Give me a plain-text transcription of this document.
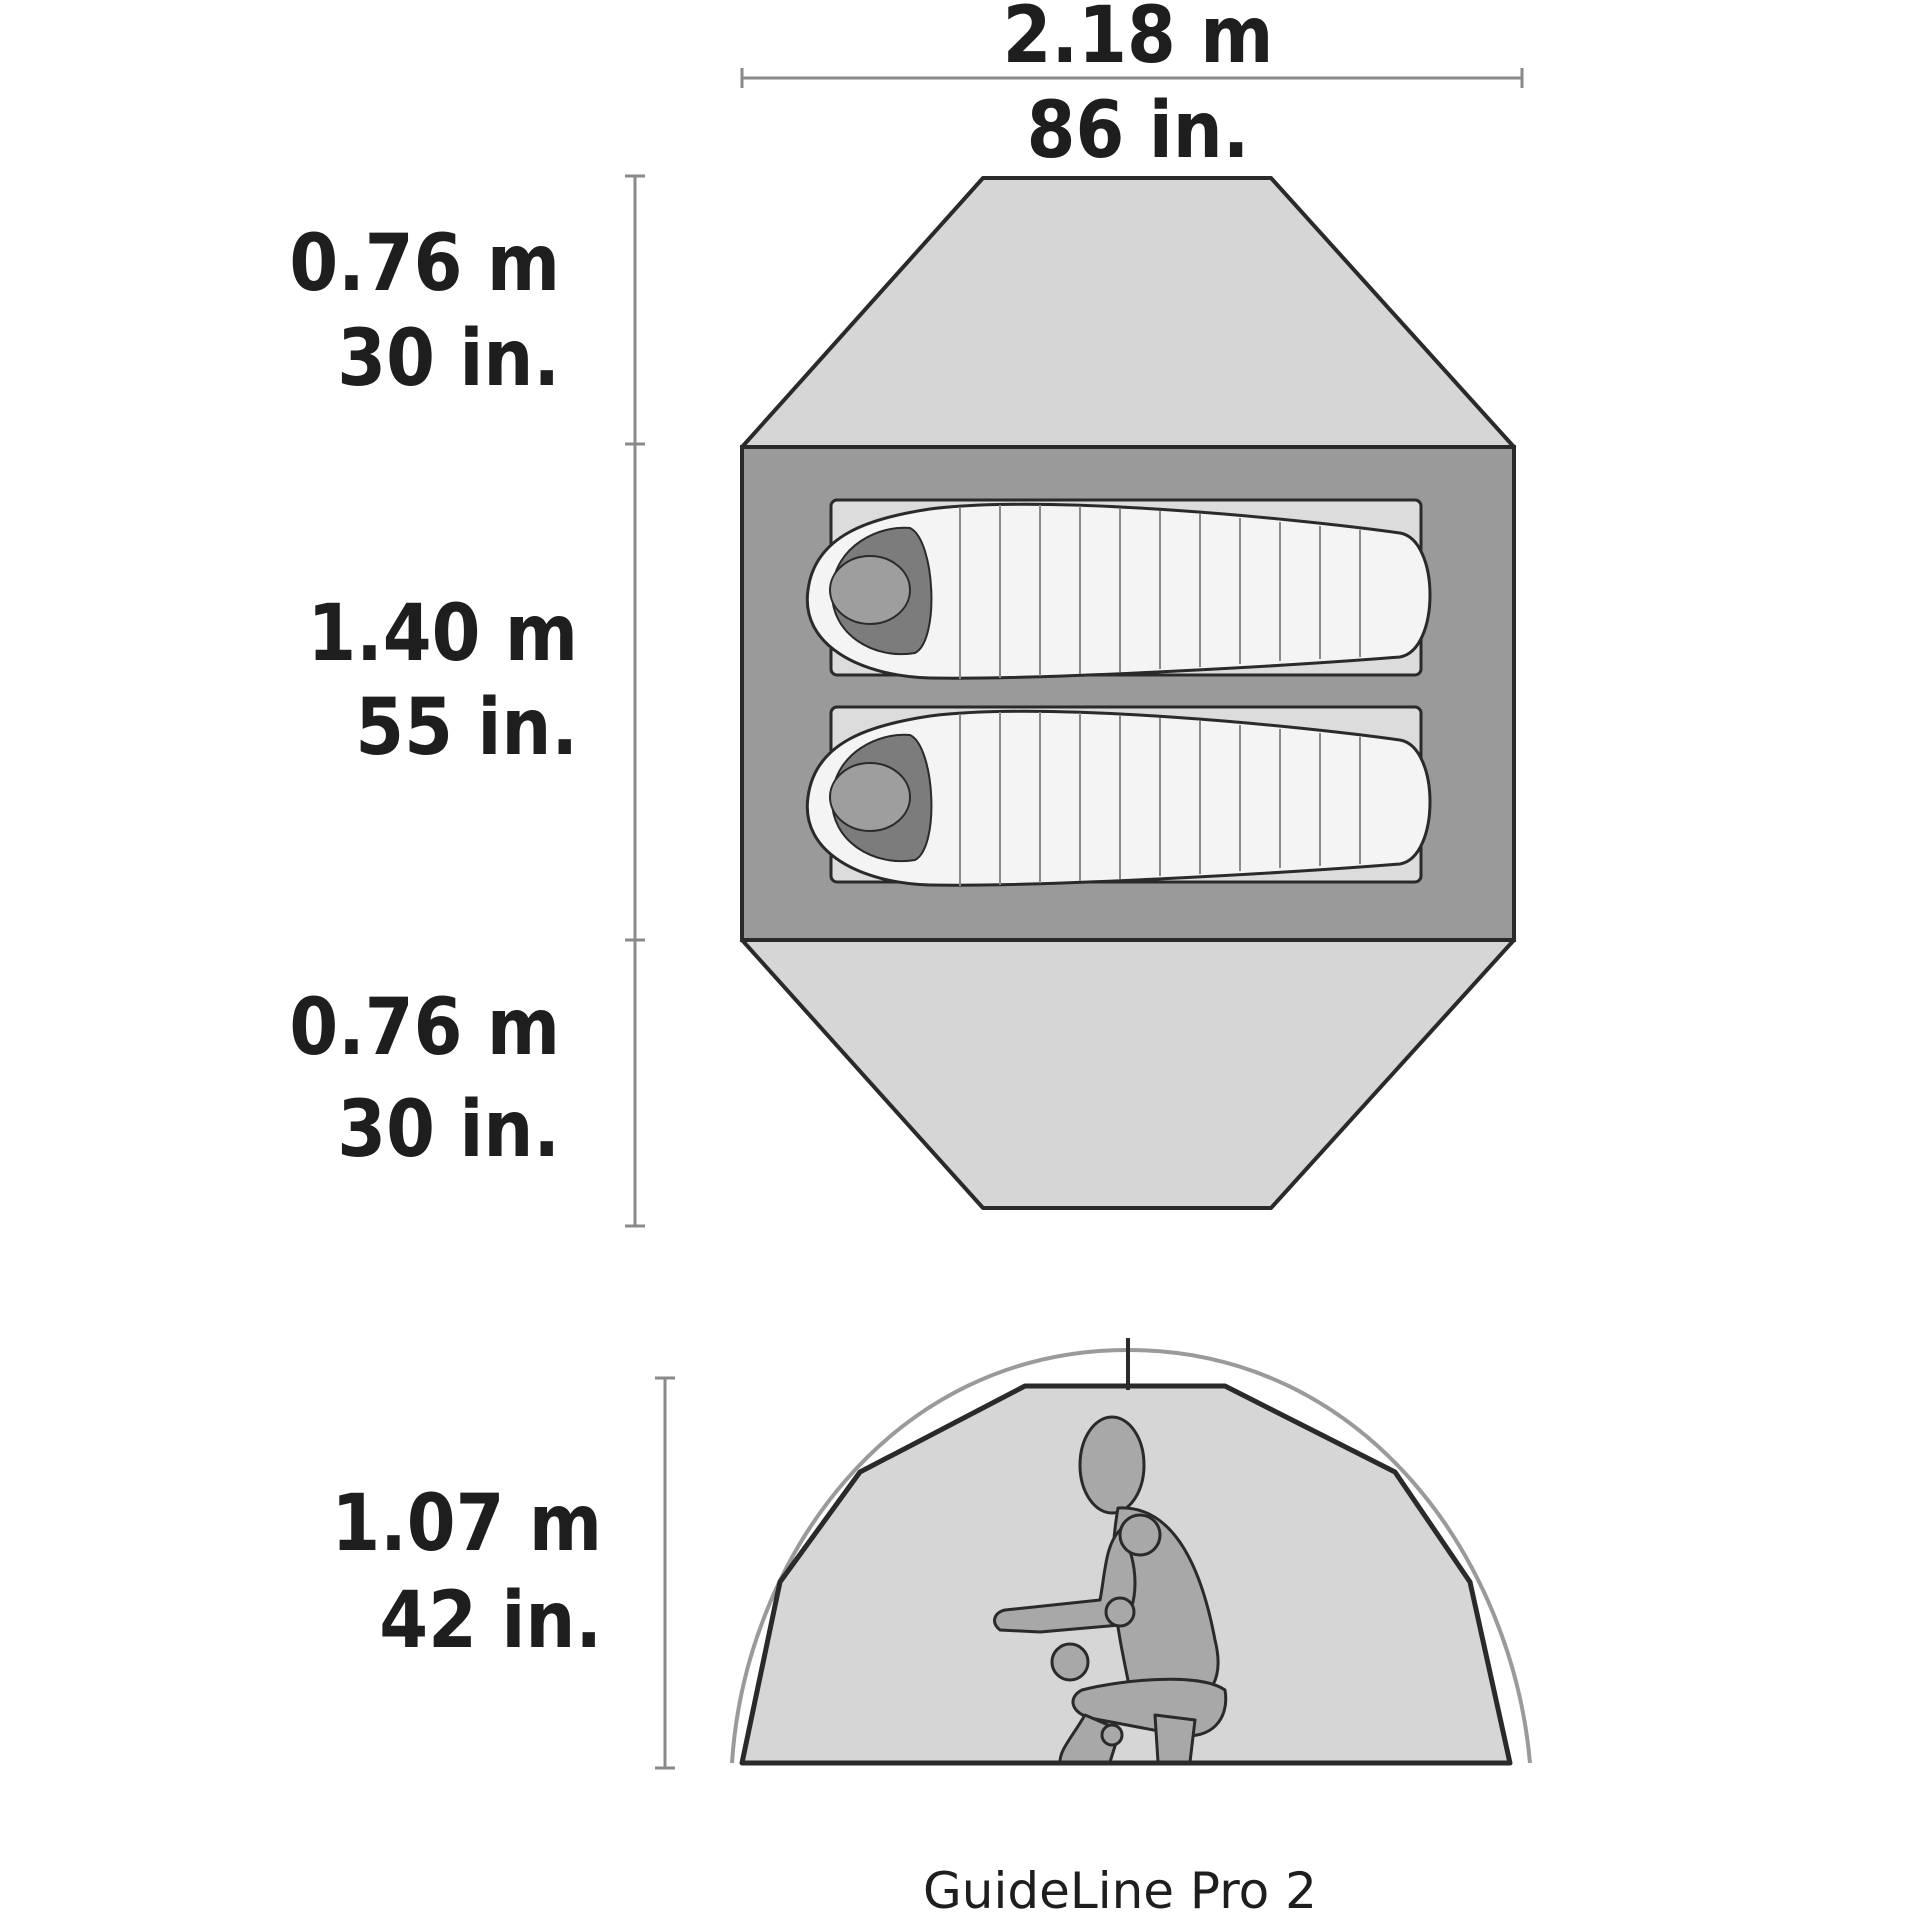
2.18 m
86 in.
0.76 m
30 in.
1.40 m
55 in.
0.76 m
30 in.
1.07 m
42 in.
GuideLine Pro 2
